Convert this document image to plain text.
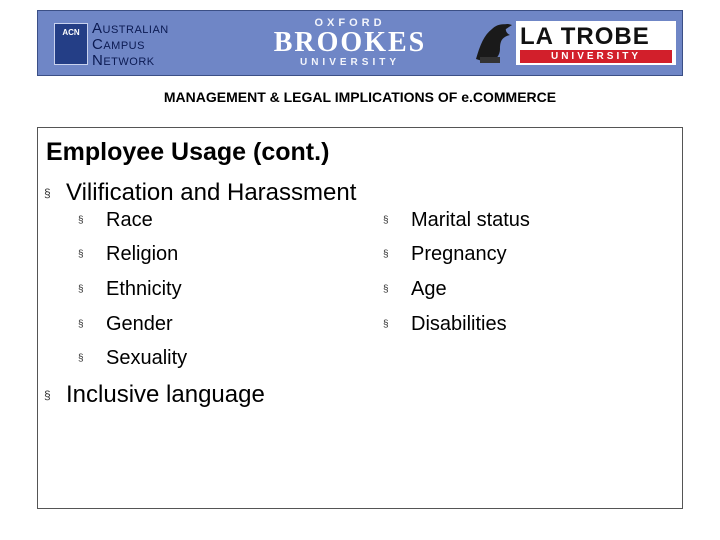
ACN Australian
Campus
Network
OXFORD
BROOKES
UNIVERSITY
LA TROBE
UNIVERSITY
MANAGEMENT & LEGAL IMPLICATIONS OF e.COMMERCE
Employee Usage (cont.)
§ Vilification and Harassment
§ Race
§ Religion
§ Ethnicity
§ Gender
§ Sexuality
§ Marital status
§ Pregnancy
§ Age
§ Disabilities
§ Inclusive language
